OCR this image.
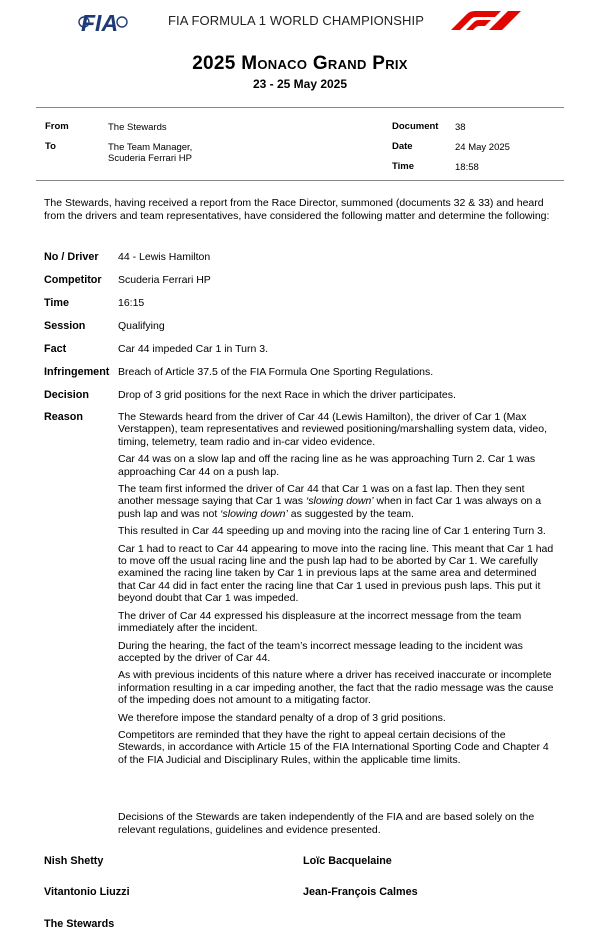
FIA	FIA FORMULA 1 WORLD CHAMPIONSHIP
2025 Monaco Grand Prix
23 - 25 May 2025
From	The Stewards
To	The Team Manager,
Scuderia Ferrari HP
Document 38
Date	24 May 2025
Time	18:58
The Stewards, having received a report from the Race Director, summoned (documents 32 & 33) and heard from the drivers and team representatives, have considered the following matter and determine the following:
No / Driver 44 - Lewis Hamilton
Competitor Scuderia Ferrari HP
Time	16:15
Session	Qualifying
Fact	Car 44 impeded Car 1 in Turn 3.
Infringement Breach of Article 37.5 of the FIA Formula One Sporting Regulations.
Decision	Drop of 3 grid positions for the next Race in which the driver participates.
Reason	The Stewards heard from the driver of Car 44 (Lewis Hamilton), the driver of Car 1 (Max Verstappen), team representatives and reviewed positioning/marshalling system data, video, timing, telemetry, team radio and in-car video evidence.

Car 44 was on a slow lap and off the racing line as he was approaching Turn 2. Car 1 was approaching Car 44 on a push lap.

The team first informed the driver of Car 44 that Car 1 was on a fast lap. Then they sent another message saying that Car 1 was ‘slowing down’ when in fact Car 1 was always on a push lap and was not ‘slowing down’ as suggested by the team.

This resulted in Car 44 speeding up and moving into the racing line of Car 1 entering Turn 3.

Car 1 had to react to Car 44 appearing to move into the racing line. This meant that Car 1 had to move off the usual racing line and the push lap had to be aborted by Car 1. We carefully examined the racing line taken by Car 1 in previous laps at the same area and determined that Car 44 did in fact enter the racing line that Car 1 used in previous push laps. This put it beyond doubt that Car 1 was impeded.

The driver of Car 44 expressed his displeasure at the incorrect message from the team immediately after the incident.

During the hearing, the fact of the team’s incorrect message leading to the incident was accepted by the driver of Car 44.

As with previous incidents of this nature where a driver has received inaccurate or incomplete information resulting in a car impeding another, the fact that the radio message was the cause of the impeding does not amount to a mitigating factor.

We therefore impose the standard penalty of a drop of 3 grid positions.

Competitors are reminded that they have the right to appeal certain decisions of the Stewards, in accordance with Article 15 of the FIA International Sporting Code and Chapter 4 of the FIA Judicial and Disciplinary Rules, within the applicable time limits.

Decisions of the Stewards are taken independently of the FIA and are based solely on the relevant regulations, guidelines and evidence presented.
Nish Shetty	Loïc Bacquelaine
Vitantonio Liuzzi	Jean-François Calmes
The Stewards
